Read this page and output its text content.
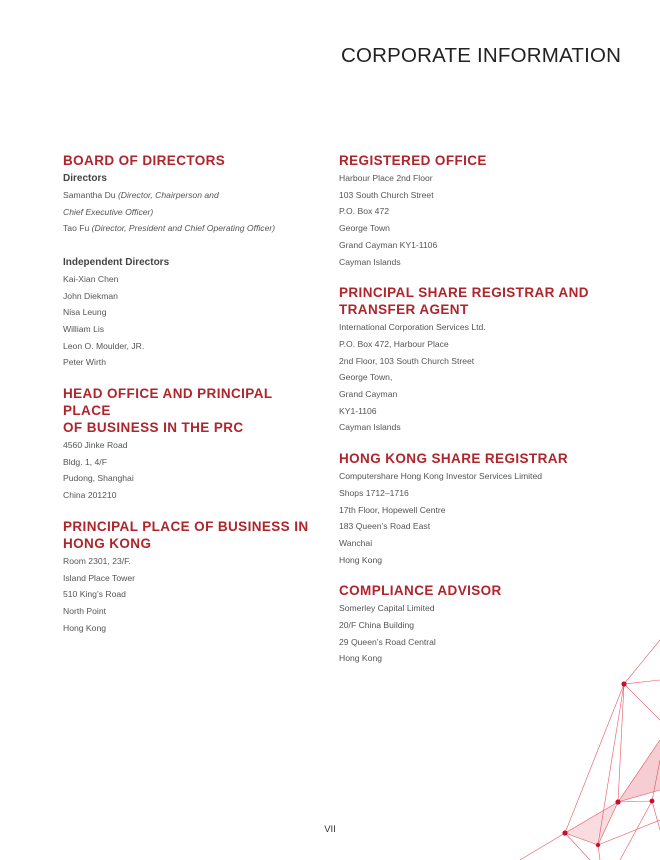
CORPORATE INFORMATION
BOARD OF DIRECTORS
Directors
Samantha Du (Director, Chairperson and
Chief Executive Officer)
Tao Fu (Director, President and Chief Operating Officer)
Independent Directors
Kai-Xian Chen
John Diekman
Nisa Leung
William Lis
Leon O. Moulder, JR.
Peter Wirth
HEAD OFFICE AND PRINCIPAL PLACE
OF BUSINESS IN THE PRC
4560 Jinke Road
Bldg. 1, 4/F
Pudong, Shanghai
China 201210
PRINCIPAL PLACE OF BUSINESS IN
HONG KONG
Room 2301, 23/F.
Island Place Tower
510 King’s Road
North Point
Hong Kong
REGISTERED OFFICE
Harbour Place 2nd Floor
103 South Church Street
P.O. Box 472
George Town
Grand Cayman KY1-1106
Cayman Islands
PRINCIPAL SHARE REGISTRAR AND
TRANSFER AGENT
International Corporation Services Ltd.
P.O. Box 472, Harbour Place
2nd Floor, 103 South Church Street
George Town,
Grand Cayman
KY1-1106
Cayman Islands
HONG KONG SHARE REGISTRAR
Computershare Hong Kong Investor Services Limited
Shops 1712–1716
17th Floor, Hopewell Centre
183 Queen’s Road East
Wanchai
Hong Kong
COMPLIANCE ADVISOR
Somerley Capital Limited
20/F China Building
29 Queen’s Road Central
Hong Kong
VII
